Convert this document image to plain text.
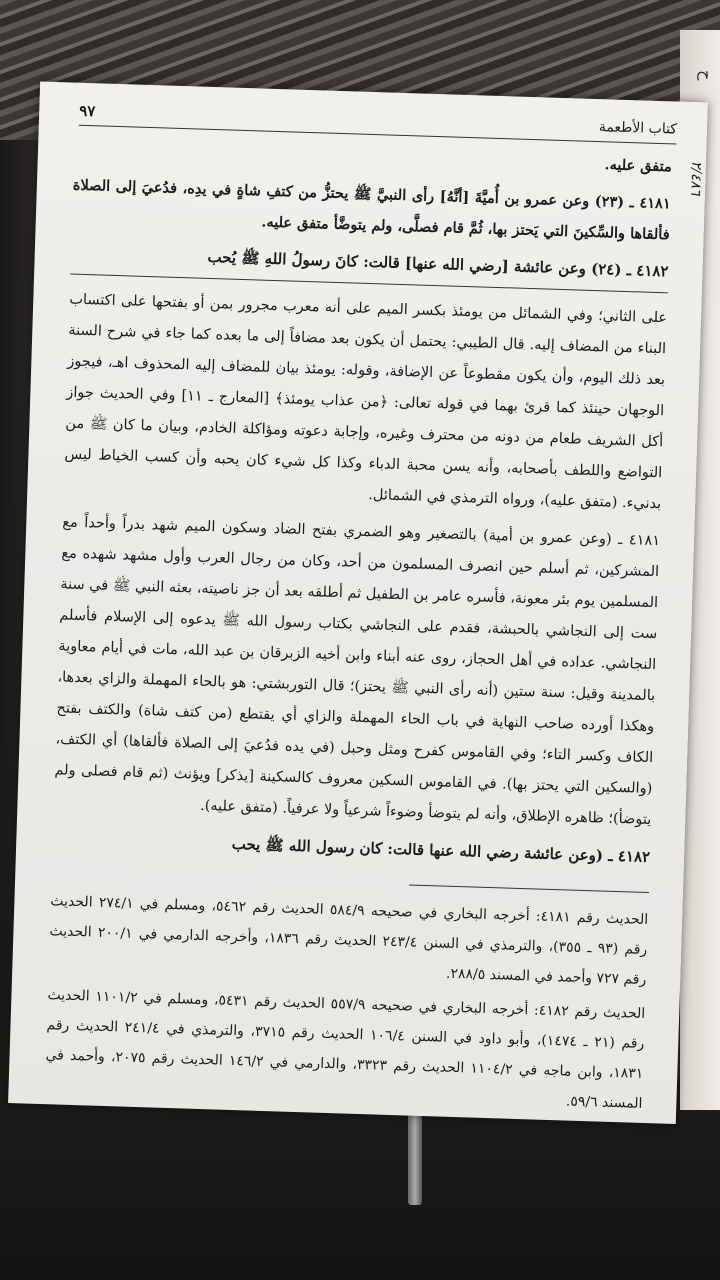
ح
٩٧
كتاب الأطعمة
٢/٤٨٦

متفق عليه.

٤١٨١ ـ (٢٣) وعن عمرو بن أُميَّةَ [أنَّهُ] رأى النبيَّ ﷺ يحتزُّ من كتفِ شاةٍ في يدِه، فدُعيَ إلى الصلاة فألقاها والسِّكينَ التي يَحتز بها، ثُمَّ قام فصلَّى، ولم يتوضَّأ متفق عليه.

٤١٨٢ ـ (٢٤) وعن عائشة [رضي الله عنها] قالت: كانَ رسولُ اللهِ ﷺ يُحب

على الثاني؛ وفي الشمائل من يومئذ بكسر الميم على أنه معرب مجرور بمن أو بفتحها على اكتساب البناء من المضاف إليه. قال الطيبي: يحتمل أن يكون بعد مضافاً إلى ما بعده كما جاء في شرح السنة بعد ذلك اليوم، وأن يكون مقطوعاً عن الإضافة، وقوله: يومئذ بيان للمضاف إليه المحذوف اهـ، فيجوز الوجهان حينئذ كما قرئ بهما في قوله تعالى: ﴿من عذاب يومئذ﴾ [المعارج ـ ١١] وفي الحديث جواز أكل الشريف طعام من دونه من محترف وغيره، وإجابة دعوته ومؤاكلة الخادم، وبيان ما كان ﷺ من التواضع واللطف بأصحابه، وأنه يسن محبة الدباء وكذا كل شيء كان يحبه وأن كسب الخياط ليس بدنيء. (متفق عليه)، ورواه الترمذي في الشمائل.

٤١٨١ ـ (وعن عمرو بن أمية) بالتصغير وهو الضمري بفتح الضاد وسكون الميم شهد بدراً وأحداً مع المشركين، ثم أسلم حين انصرف المسلمون من أحد، وكان من رجال العرب وأول مشهد شهده مع المسلمين يوم بئر معونة، فأسره عامر بن الطفيل ثم أطلقه بعد أن جز ناصيته، بعثه النبي ﷺ في سنة ست إلى النجاشي بالحبشة، فقدم على النجاشي بكتاب رسول الله ﷺ يدعوه إلى الإسلام فأسلم النجاشي. عداده في أهل الحجاز، روى عنه أبناء وابن أخيه الزبرقان بن عبد الله، مات في أيام معاوية بالمدينة وقيل: سنة ستين (أنه رأى النبي ﷺ يحتز)؛ قال التوربشتي: هو بالحاء المهملة والزاي بعدها، وهكذا أورده صاحب النهاية في باب الحاء المهملة والزاي أي يقتطع (من كتف شاة) والكتف بفتح الكاف وكسر التاء؛ وفي القاموس كفرح ومثل وحبل (في يده فدُعيَ إلى الصلاة فألقاها) أي الكتف، (والسكين التي يحتز بها). في القاموس السكين معروف كالسكينة [يذكر] ويؤنث (ثم قام فصلى ولم يتوضأ)؛ ظاهره الإطلاق، وأنه لم يتوضأ وضوءاً شرعياً ولا عرفياً. (متفق عليه).

٤١٨٢ ـ (وعن عائشة رضي الله عنها قالت: كان رسول الله ﷺ يحب

الحديث رقم ٤١٨١: أخرجه البخاري في صحيحه ٥٨٤/٩ الحديث رقم ٥٤٦٢، ومسلم في ٢٧٤/١ الحديث رقم (٩٣ ـ ٣٥٥)، والترمذي في السنن ٢٤٣/٤ الحديث رقم ١٨٣٦، وأخرجه الدارمي في ٢٠٠/١ الحديث رقم ٧٢٧ وأحمد في المسند ٢٨٨/٥.

الحديث رقم ٤١٨٢: أخرجه البخاري في صحيحه ٥٥٧/٩ الحديث رقم ٥٤٣١، ومسلم في ١١٠١/٢ الحديث رقم (٢١ ـ ١٤٧٤)، وأبو داود في السنن ١٠٦/٤ الحديث رقم ٣٧١٥، والترمذي في ٢٤١/٤ الحديث رقم ١٨٣١، وابن ماجه في ١١٠٤/٢ الحديث رقم ٣٣٢٣، والدارمي في ١٤٦/٢ الحديث رقم ٢٠٧٥، وأحمد في المسند ٥٩/٦.
